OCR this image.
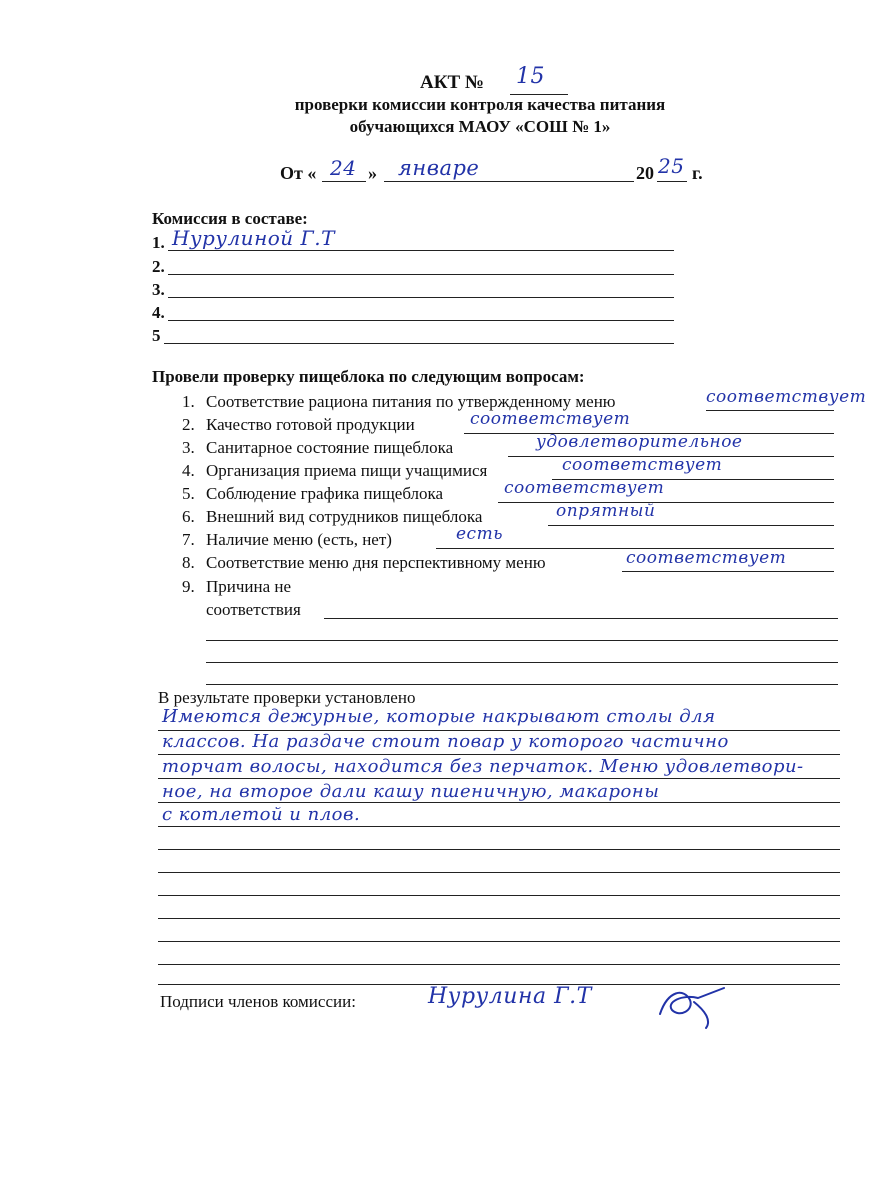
АКТ № 15
проверки комиссии контроля качества питания
обучающихся МАОУ «СОШ № 1»
От « 24 » январе	20 25 г.
Комиссия в составе:
1. Нурулиной Г.Т
2.
3.
4.
5
Провели проверку пищеблока по следующим вопросам:
1. Соответствие рациона питания по утвержденному меню	соответствует
2. Качество готовой продукции	соответствует
3. Санитарное состояние пищеблока	удовлетворительное
4. Организация приема пищи учащимися	соответствует
5. Соблюдение графика пищеблока	соответствует
6. Внешний вид сотрудников пищеблока	опрятный
7. Наличие меню (есть, нет)	есть
8. Соответствие меню дня перспективному меню	соответствует
9. Причина не
соответствия
В результате проверки установлено
Имеются дежурные, которые накрывают столы для
классов. На раздаче стоит повар у которого частично
торчат волосы, находится без перчаток. Меню удовлетвори-
ное, на второе дали кашу пшеничную, макароны
с котлетой и плов.
Подписи членов комиссии:	Нурулина Г.Т
